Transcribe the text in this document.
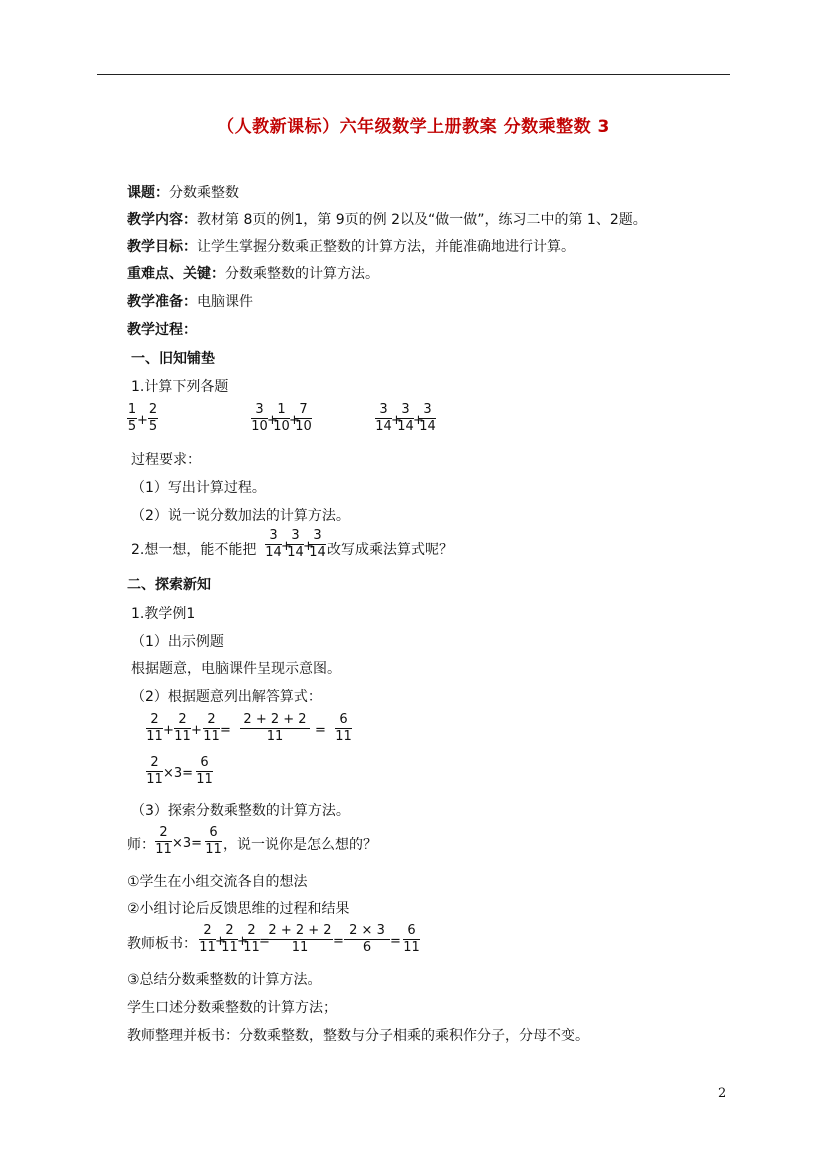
（人教新课标）六年级数学上册教案 分数乘整数 3
课题：分数乘整数
教学内容：教材第 8页的例1，第 9页的例 2以及“做一做”，练习二中的第 1、2题。
教学目标：让学生掌握分数乘正整数的计算方法，并能准确地进行计算。
重难点、关键：分数乘整数的计算方法。
教学准备：电脑课件
教学过程：
一、旧知铺垫
1.计算下列各题
1
5 +
2
5
3
10 +
1
10 +
7
10
3
14 +
3
14 +
3
14
过程要求：
（1）写出计算过程。
（2）说一说分数加法的计算方法。
2.想一想，能不能把
3
14 +
3
14 +
3
14 改写成乘法算式呢？
二、探索新知
1.教学例1
（1）出示例题
根据题意，电脑课件呈现示意图。
（2）根据题意列出解答算式：
2
11 +
2
11 +
2
11 =
2 + 2 + 2
11	=
6
11
2
11 ×3=
6
11
（3）探索分数乘整数的计算方法。
师：
2
11 ×3=
6
11 ，说一说你是怎么想的？
①学生在小组交流各自的想法
②小组讨论后反馈思维的过程和结果
教师板书：
2
11 +
2
11 +
2
11 =
2 + 2 + 2
11	=
2 × 3
6	=
6
11
③总结分数乘整数的计算方法。
学生口述分数乘整数的计算方法；
教师整理并板书：分数乘整数，整数与分子相乘的乘积作分子，分母不变。
2
